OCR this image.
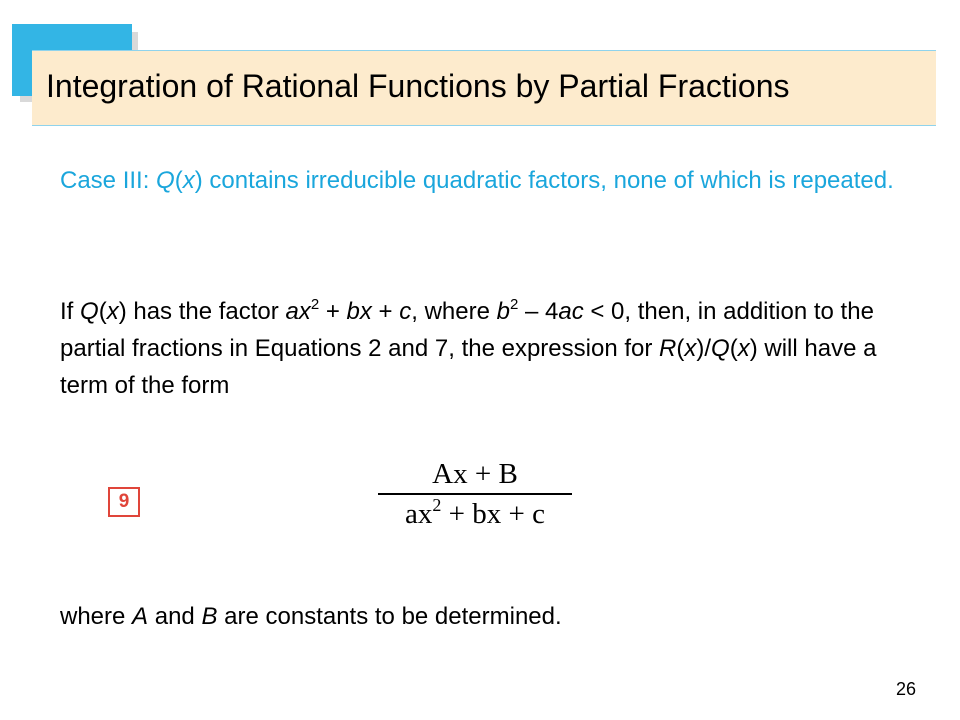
Integration of Rational Functions by Partial Fractions
Case III: Q(x) contains irreducible quadratic factors, none of which is repeated.
If Q(x) has the factor $ax^2$ + bx + c, where $b^2 - 4ac < 0$, then, in addition to the partial fractions in Equations 2 and 7, the expression for R(x)/Q(x) will have a term of the form
9
Ax + B
$ax^2$ + bx + c
where A and B are constants to be determined.
26
